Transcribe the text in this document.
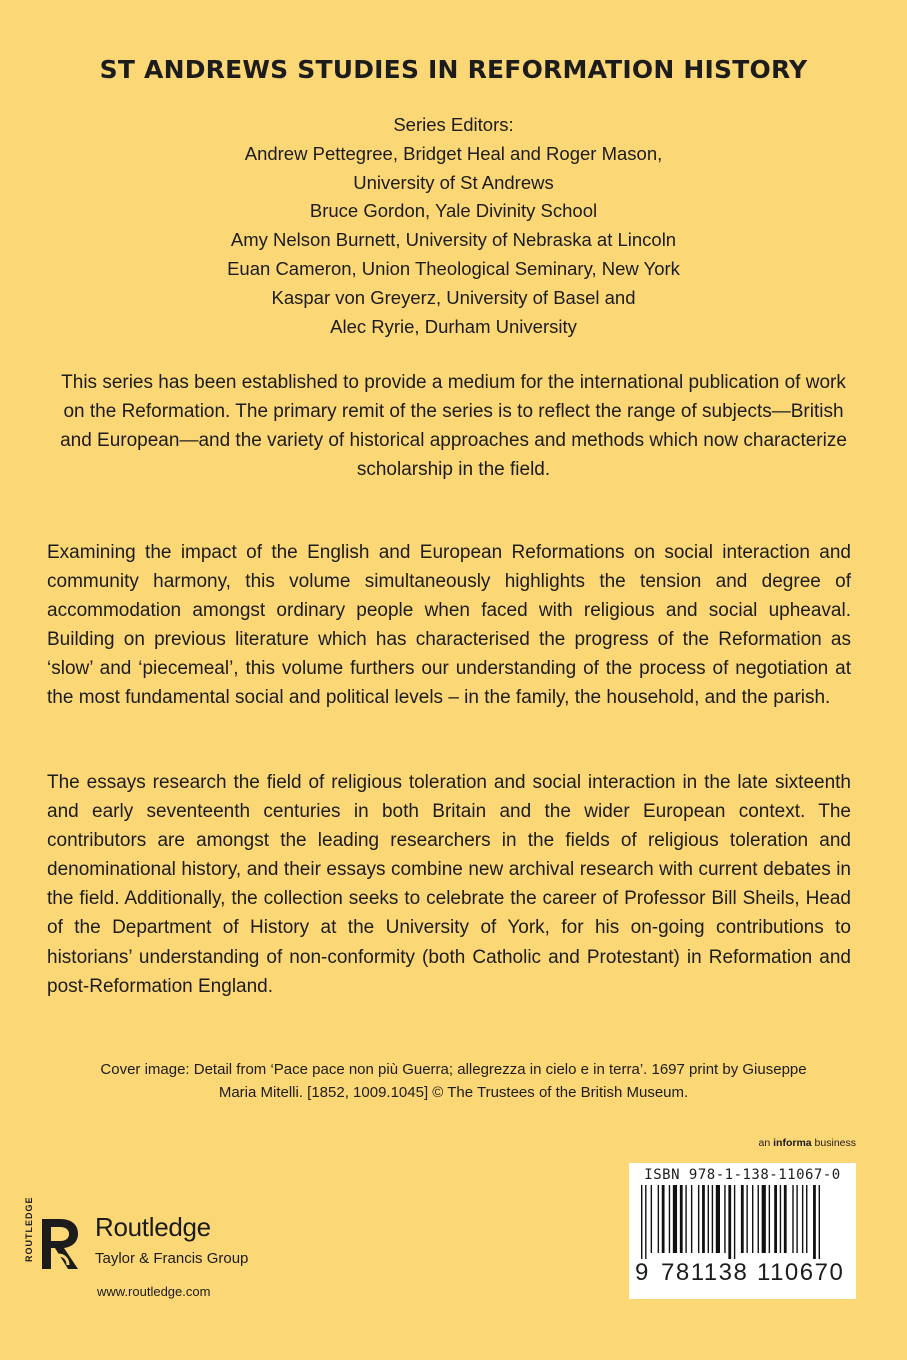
ST ANDREWS STUDIES IN REFORMATION HISTORY
Series Editors:
Andrew Pettegree, Bridget Heal and Roger Mason,
University of St Andrews
Bruce Gordon, Yale Divinity School
Amy Nelson Burnett, University of Nebraska at Lincoln
Euan Cameron, Union Theological Seminary, New York
Kaspar von Greyerz, University of Basel and
Alec Ryrie, Durham University
This series has been established to provide a medium for the international publication of work on the Reformation. The primary remit of the series is to reflect the range of subjects—British and European—and the variety of historical approaches and methods which now characterize scholarship in the field.
Examining the impact of the English and European Reformations on social interaction and community harmony, this volume simultaneously highlights the tension and degree of accommodation amongst ordinary people when faced with religious and social upheaval. Building on previous literature which has characterised the progress of the Reformation as ‘slow’ and ‘piecemeal’, this volume furthers our understanding of the process of negotiation at the most fundamental social and political levels – in the family, the household, and the parish.
The essays research the field of religious toleration and social interaction in the late sixteenth and early seventeenth centuries in both Britain and the wider European context. The contributors are amongst the leading researchers in the fields of religious toleration and denominational history, and their essays combine new archival research with current debates in the field. Additionally, the collection seeks to celebrate the career of Professor Bill Sheils, Head of the Department of History at the University of York, for his on-going contributions to historians’ understanding of non-conformity (both Catholic and Protestant) in Reformation and post-Reformation England.
Cover image: Detail from ‘Pace pace non più Guerra; allegrezza in cielo e in terra’. 1697 print by Giuseppe
Maria Mitelli. [1852, 1009.1045] © The Trustees of the British Museum.
an informa business
ISBN 978-1-138-11067-0
9 781138 110670
ROUTLEDGE Routledge
Taylor & Francis Group
www.routledge.com
